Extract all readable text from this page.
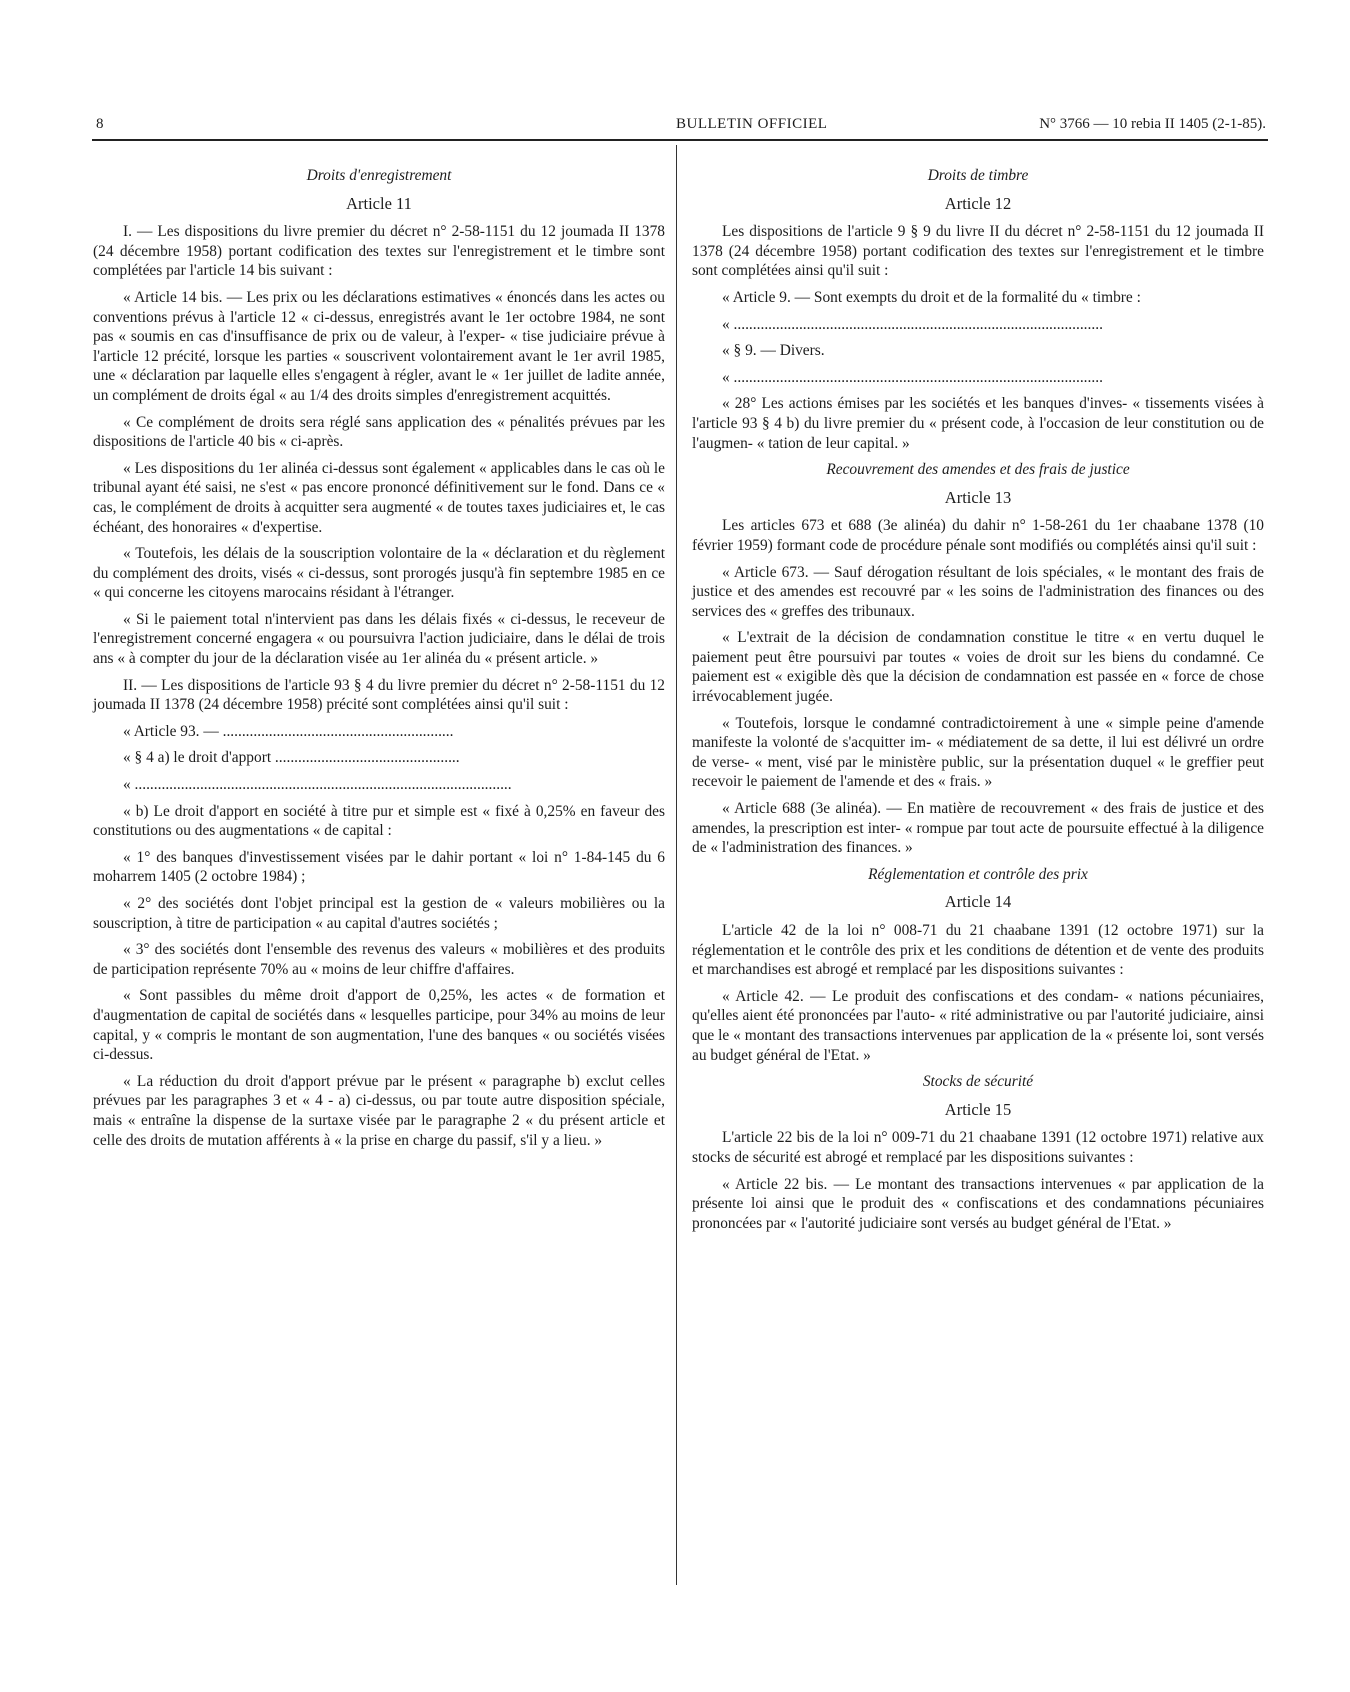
8	BULLETIN OFFICIEL	N° 3766 — 10 rebia II 1405 (2-1-85).
Droits d'enregistrement
Article 11

I. — Les dispositions du livre premier du décret n° 2-58-1151 du 12 joumada II 1378 (24 décembre 1958) portant codification des textes sur l'enregistrement et le timbre sont complétées par l'article 14 bis suivant :

« Article 14 bis. — Les prix ou les déclarations estimatives « énoncés dans les actes ou conventions prévus à l'article 12 « ci-dessus, enregistrés avant le 1er octobre 1984, ne sont pas « soumis en cas d'insuffisance de prix ou de valeur, à l'exper- « tise judiciaire prévue à l'article 12 précité, lorsque les parties « souscrivent volontairement avant le 1er avril 1985, une « déclaration par laquelle elles s'engagent à régler, avant le « 1er juillet de ladite année, un complément de droits égal « au 1/4 des droits simples d'enregistrement acquittés.

« Ce complément de droits sera réglé sans application des « pénalités prévues par les dispositions de l'article 40 bis « ci-après.

« Les dispositions du 1er alinéa ci-dessus sont également « applicables dans le cas où le tribunal ayant été saisi, ne s'est « pas encore prononcé définitivement sur le fond. Dans ce « cas, le complément de droits à acquitter sera augmenté « de toutes taxes judiciaires et, le cas échéant, des honoraires « d'expertise.

« Toutefois, les délais de la souscription volontaire de la « déclaration et du règlement du complément des droits, visés « ci-dessus, sont prorogés jusqu'à fin septembre 1985 en ce « qui concerne les citoyens marocains résidant à l'étranger.

« Si le paiement total n'intervient pas dans les délais fixés « ci-dessus, le receveur de l'enregistrement concerné engagera « ou poursuivra l'action judiciaire, dans le délai de trois ans « à compter du jour de la déclaration visée au 1er alinéa du « présent article. »

II. — Les dispositions de l'article 93 § 4 du livre premier du décret n° 2-58-1151 du 12 joumada II 1378 (24 décembre 1958) précité sont complétées ainsi qu'il suit :

« Article 93. — ............................................................

« § 4 a) le droit d'apport ................................................

« ..................................................................................................

« b) Le droit d'apport en société à titre pur et simple est « fixé à 0,25% en faveur des constitutions ou des augmentations « de capital :

« 1° des banques d'investissement visées par le dahir portant « loi n° 1-84-145 du 6 moharrem 1405 (2 octobre 1984) ;

« 2° des sociétés dont l'objet principal est la gestion de « valeurs mobilières ou la souscription, à titre de participation « au capital d'autres sociétés ;

« 3° des sociétés dont l'ensemble des revenus des valeurs « mobilières et des produits de participation représente 70% au « moins de leur chiffre d'affaires.

« Sont passibles du même droit d'apport de 0,25%, les actes « de formation et d'augmentation de capital de sociétés dans « lesquelles participe, pour 34% au moins de leur capital, y « compris le montant de son augmentation, l'une des banques « ou sociétés visées ci-dessus.

« La réduction du droit d'apport prévue par le présent « paragraphe b) exclut celles prévues par les paragraphes 3 et « 4 - a) ci-dessus, ou par toute autre disposition spéciale, mais « entraîne la dispense de la surtaxe visée par le paragraphe 2 « du présent article et celle des droits de mutation afférents à « la prise en charge du passif, s'il y a lieu. »

Droits de timbre
Article 12

Les dispositions de l'article 9 § 9 du livre II du décret n° 2-58-1151 du 12 joumada II 1378 (24 décembre 1958) portant codification des textes sur l'enregistrement et le timbre sont complétées ainsi qu'il suit :

« Article 9. — Sont exempts du droit et de la formalité du « timbre :

« ................................................................................................

« § 9. — Divers.

« ................................................................................................

« 28° Les actions émises par les sociétés et les banques d'inves- « tissements visées à l'article 93 § 4 b) du livre premier du « présent code, à l'occasion de leur constitution ou de l'augmen- « tation de leur capital. »

Recouvrement des amendes et des frais de justice
Article 13

Les articles 673 et 688 (3e alinéa) du dahir n° 1-58-261 du 1er chaabane 1378 (10 février 1959) formant code de procédure pénale sont modifiés ou complétés ainsi qu'il suit :

« Article 673. — Sauf dérogation résultant de lois spéciales, « le montant des frais de justice et des amendes est recouvré par « les soins de l'administration des finances ou des services des « greffes des tribunaux.

« L'extrait de la décision de condamnation constitue le titre « en vertu duquel le paiement peut être poursuivi par toutes « voies de droit sur les biens du condamné. Ce paiement est « exigible dès que la décision de condamnation est passée en « force de chose irrévocablement jugée.

« Toutefois, lorsque le condamné contradictoirement à une « simple peine d'amende manifeste la volonté de s'acquitter im- « médiatement de sa dette, il lui est délivré un ordre de verse- « ment, visé par le ministère public, sur la présentation duquel « le greffier peut recevoir le paiement de l'amende et des « frais. »

« Article 688 (3e alinéa). — En matière de recouvrement « des frais de justice et des amendes, la prescription est inter- « rompue par tout acte de poursuite effectué à la diligence de « l'administration des finances. »

Réglementation et contrôle des prix
Article 14

L'article 42 de la loi n° 008-71 du 21 chaabane 1391 (12 octobre 1971) sur la réglementation et le contrôle des prix et les conditions de détention et de vente des produits et marchandises est abrogé et remplacé par les dispositions suivantes :

« Article 42. — Le produit des confiscations et des condam- « nations pécuniaires, qu'elles aient été prononcées par l'auto- « rité administrative ou par l'autorité judiciaire, ainsi que le « montant des transactions intervenues par application de la « présente loi, sont versés au budget général de l'Etat. »

Stocks de sécurité
Article 15

L'article 22 bis de la loi n° 009-71 du 21 chaabane 1391 (12 octobre 1971) relative aux stocks de sécurité est abrogé et remplacé par les dispositions suivantes :

« Article 22 bis. — Le montant des transactions intervenues « par application de la présente loi ainsi que le produit des « confiscations et des condamnations pécuniaires prononcées par « l'autorité judiciaire sont versés au budget général de l'Etat. »
